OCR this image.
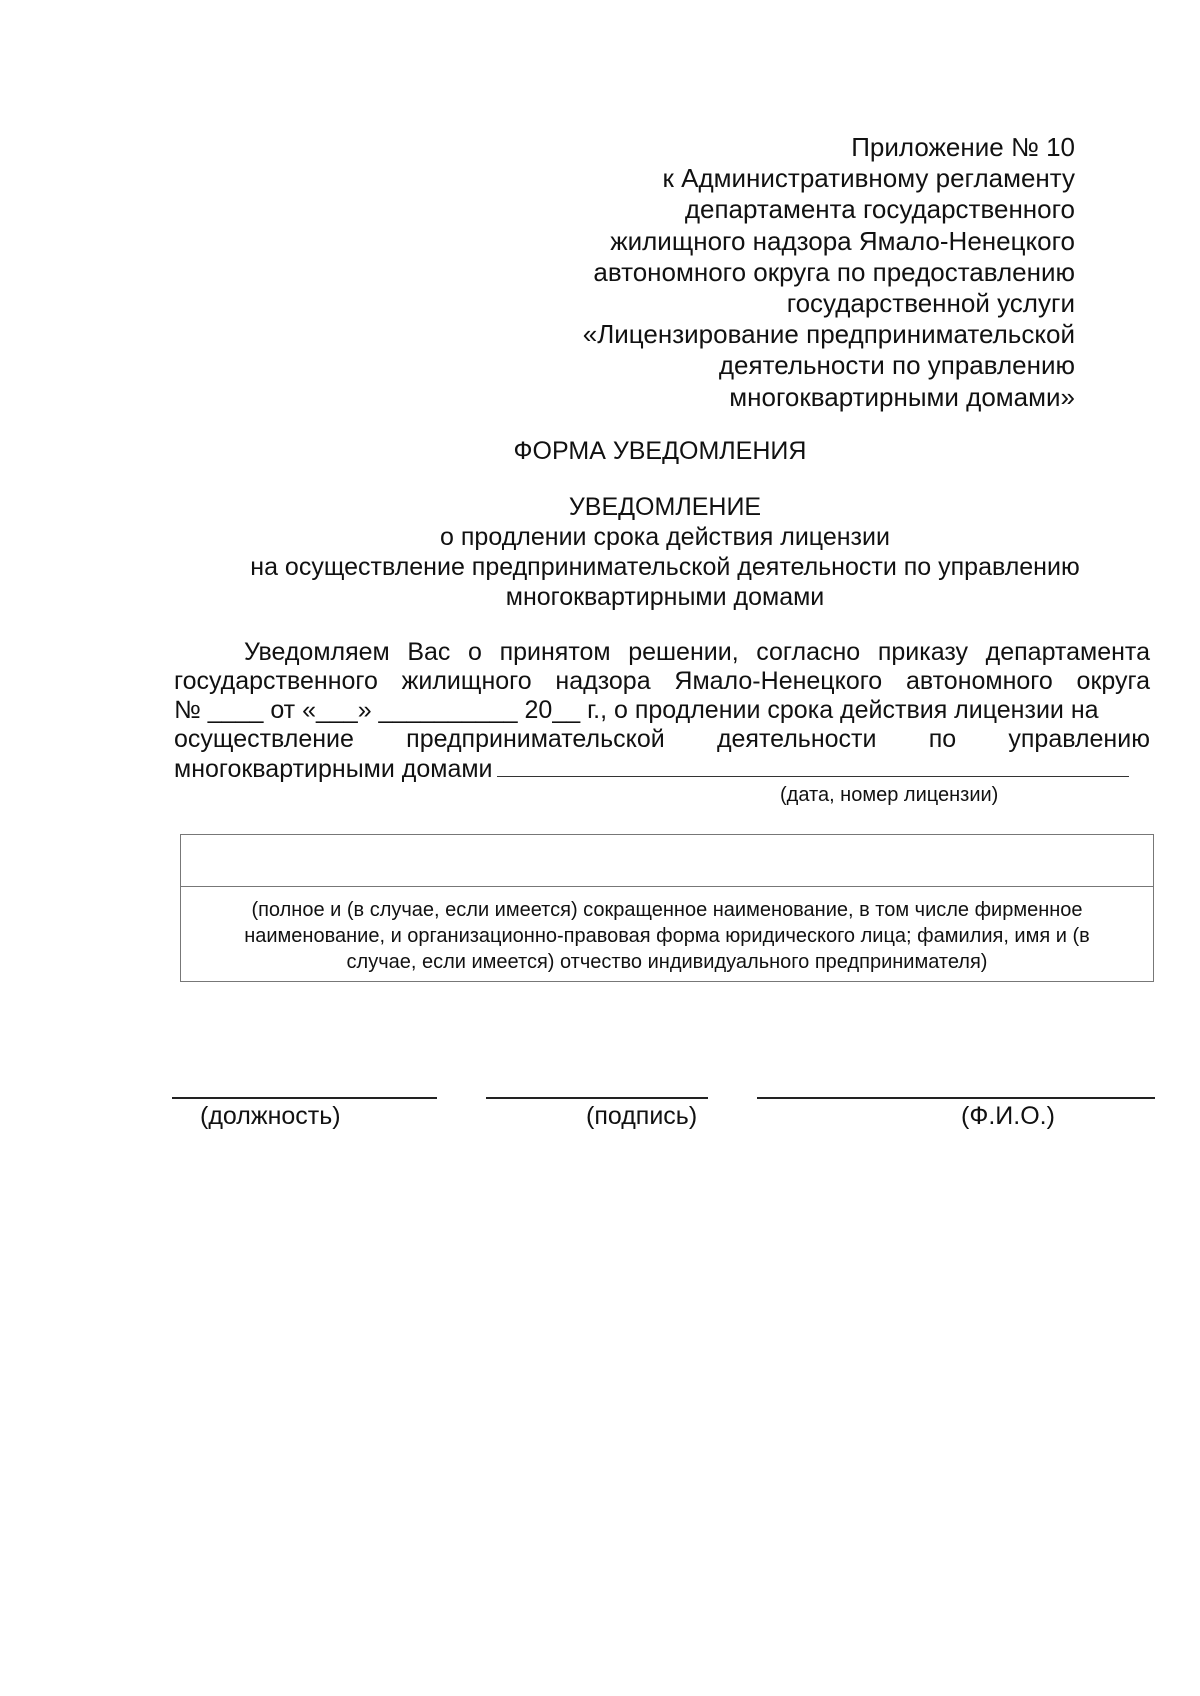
Приложение № 10
к Административному регламенту
департамента государственного
жилищного надзора Ямало-Ненецкого
автономного округа по предоставлению
государственной услуги
«Лицензирование предпринимательской
деятельности по управлению
многоквартирными домами»
ФОРМА УВЕДОМЛЕНИЯ
УВЕДОМЛЕНИЕ
о продлении срока действия лицензии
на осуществление предпринимательской деятельности по управлению
многоквартирными домами
Уведомляем Вас о принятом решении, согласно приказу департамента
государственного жилищного надзора Ямало-Ненецкого автономного округа
№ ____ от «___» __________ 20__ г., о продлении срока действия лицензии на
осуществление предпринимательской деятельности по управлению
многоквартирными домами
(дата, номер лицензии)
(полное и (в случае, если имеется) сокращенное наименование, в том числе фирменное
наименование, и организационно-правовая форма юридического лица; фамилия, имя и (в
случае, если имеется) отчество индивидуального предпринимателя)
(должность)	(подпись)	(Ф.И.О.)
